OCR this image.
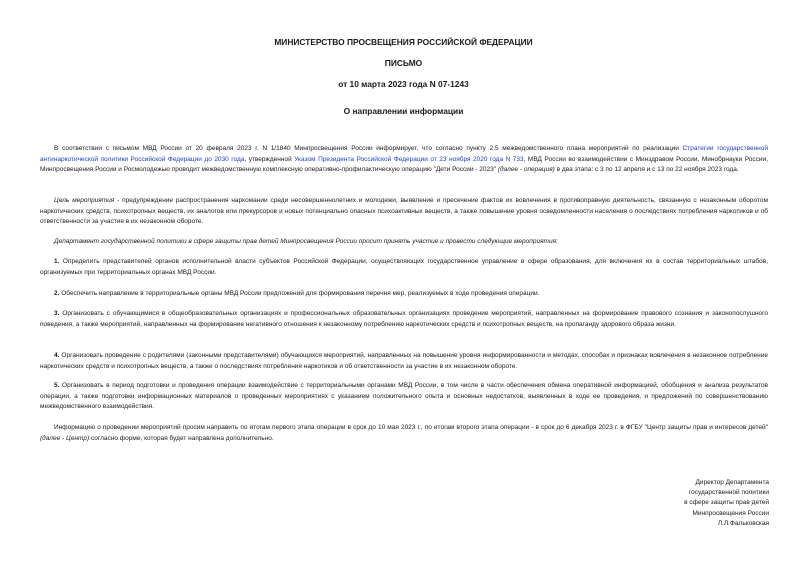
МИНИСТЕРСТВО ПРОСВЕЩЕНИЯ РОССИЙСКОЙ ФЕДЕРАЦИИ
ПИСЬМО
от 10 марта 2023 года N 07-1243
О направлении информации
В соответствии с письмом МВД России от 20 февраля 2023 г. N 1/1840 Минпросвещения России информирует, что согласно пункту 2.5 межведомственного плана мероприятий по реализации Стратегии государственной антинаркотической политики Российской Федерации до 2030 года, утвержденной Указом Президента Российской Федерации от 23 ноября 2020 года N 733, МВД России во взаимодействии с Минздравом России, Минобрнауки России, Минпросвещения России и Росмолодежью проводит межведомственную комплексную оперативно-профилактическую операцию "Дети России - 2023" (далее - операция) в два этапа: с 3 по 12 апреля и с 13 по 22 ноября 2023 года.
Цель мероприятия - предупреждение распространения наркомании среди несовершеннолетних и молодежи, выявление и пресечение фактов их вовлечения в противоправную деятельность, связанную с незаконным оборотом наркотических средств, психотропных веществ, их аналогов или прекурсоров и новых потенциально опасных психоактивных веществ, а также повышение уровня осведомленности населения о последствиях потребления наркотиков и об ответственности за участие в их незаконном обороте.
Департамент государственной политики в сфере защиты прав детей Минпросвещения России просит принять участие и провести следующие мероприятия:
1. Определить представителей органов исполнительной власти субъектов Российской Федерации, осуществляющих государственное управление в сфере образования, для включения их в состав территориальных штабов, организуемых при территориальных органах МВД России.
2. Обеспечить направление в территориальные органы МВД России предложений для формирования перечня мер, реализуемых в ходе проведения операции.
3. Организовать с обучающимися в общеобразовательных организациях и профессиональных образовательных организациях проведение мероприятий, направленных на формирование правового сознания и законопослушного поведения, а также мероприятий, направленных на формирование негативного отношения к незаконному потреблению наркотических средств и психотропных веществ, на пропаганду здорового образа жизни.
4. Организовать проведение с родителями (законными представителями) обучающихся мероприятий, направленных на повышение уровня информированности и методах, способах и признаках вовлечения в незаконное потребление наркотических средств и психотропных веществ, а также о последствиях потребления наркотиков и об ответственности за участие в их незаконном обороте.
5. Организовать в период подготовки и проведения операции взаимодействие с территориальными органами МВД России, в том числе в части обеспечения обмена оперативной информацией, обобщения и анализа результатов операции, а также подготовки информационных материалов о проведенных мероприятиях с указанием положительного опыта и основных недостатков, выявленных в ходе ее проведения, и предложений по совершенствованию межведомственного взаимодействия.
Информацию о проведении мероприятий просим направить по итогам первого этапа операции в срок до 10 мая 2023 г., по итогам второго этапа операции - в срок до 6 декабря 2023 г. в ФГБУ "Центр защиты прав и интересов детей" (далее - Центр) согласно форме, которая будет направлена дополнительно.
Директор Департамента
государственной политики
в сфере защиты прав детей
Минпросвещения России
Л.Л.Фальковская
